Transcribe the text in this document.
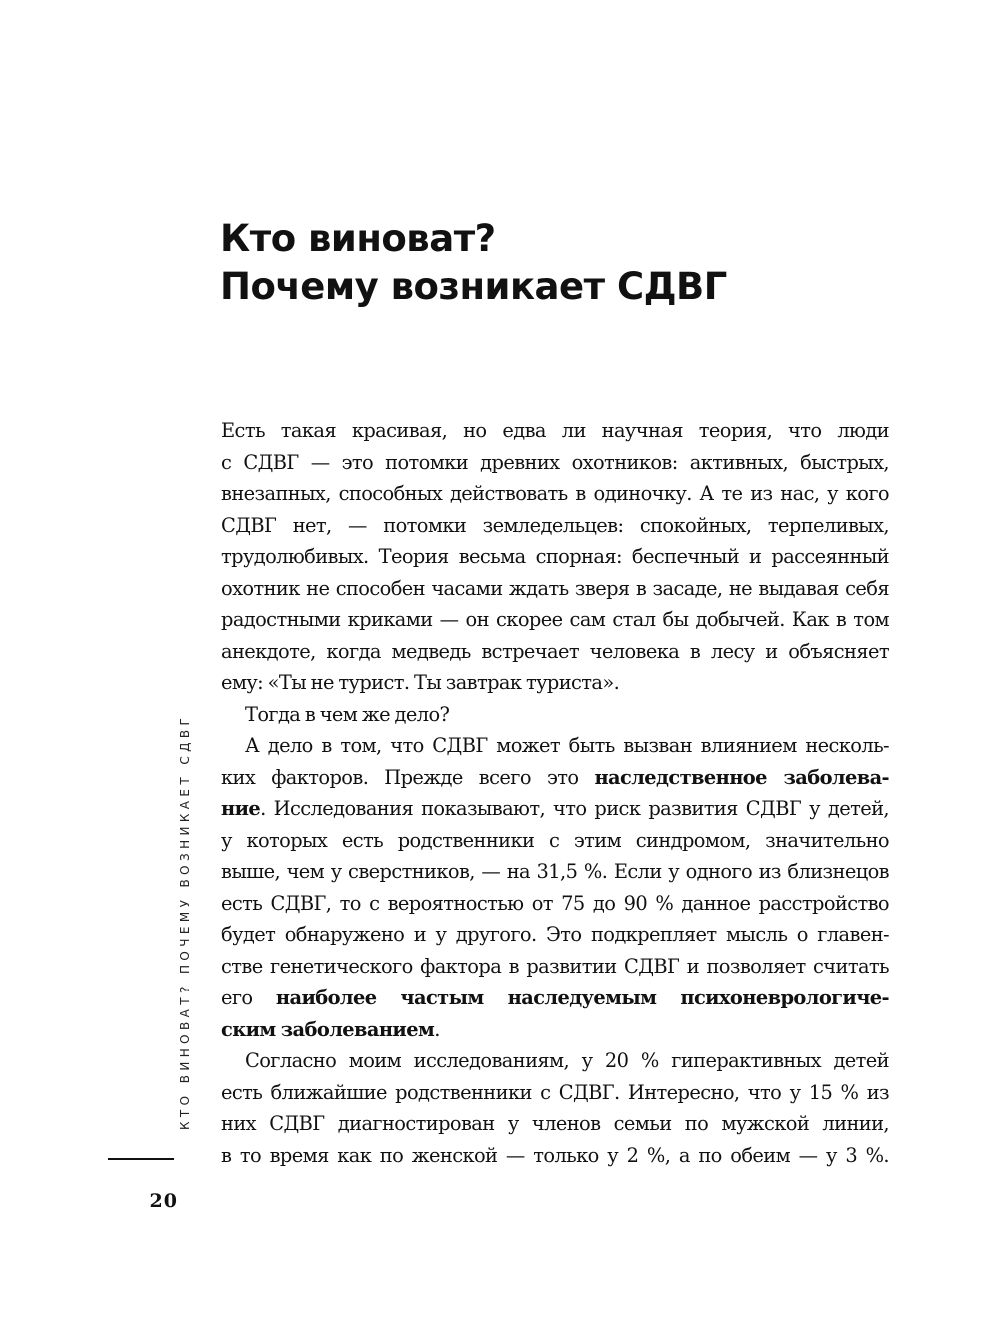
Кто виноват?
Почему возникает СДВГ
Есть такая красивая, но едва ли научная теория, что люди
с СДВГ — это потомки древних охотников: активных, быстрых,
внезапных, способных действовать в одиночку. А те из нас, у кого
СДВГ нет, — потомки земледельцев: спокойных, терпеливых,
трудолюбивых. Теория весьма спорная: беспечный и рассеянный
охотник не способен часами ждать зверя в засаде, не выдавая себя
радостными криками — он скорее сам стал бы добычей. Как в том
анекдоте, когда медведь встречает человека в лесу и объясняет
ему: «Ты не турист. Ты завтрак туриста».
Тогда в чем же дело?
А дело в том, что СДВГ может быть вызван влиянием несколь-
ких факторов. Прежде всего это наследственное заболева-
ние. Исследования показывают, что риск развития СДВГ у детей,
у которых есть родственники с этим синдромом, значительно
выше, чем у сверстников, — на 31,5 %. Если у одного из близнецов
есть СДВГ, то с вероятностью от 75 до 90 % данное расстройство
будет обнаружено и у другого. Это подкрепляет мысль о главен-
стве генетического фактора в развитии СДВГ и позволяет считать
его наиболее частым наследуемым психоневрологиче-
ским заболеванием.
Согласно моим исследованиям, у 20 % гиперактивных детей
есть ближайшие родственники с СДВГ. Интересно, что у 15 % из
них СДВГ диагностирован у членов семьи по мужской линии,
в то время как по женской — только у 2 %, а по обеим — у 3 %.
КТО ВИНОВАТ? ПОЧЕМУ ВОЗНИКАЕТ СДВГ
20
